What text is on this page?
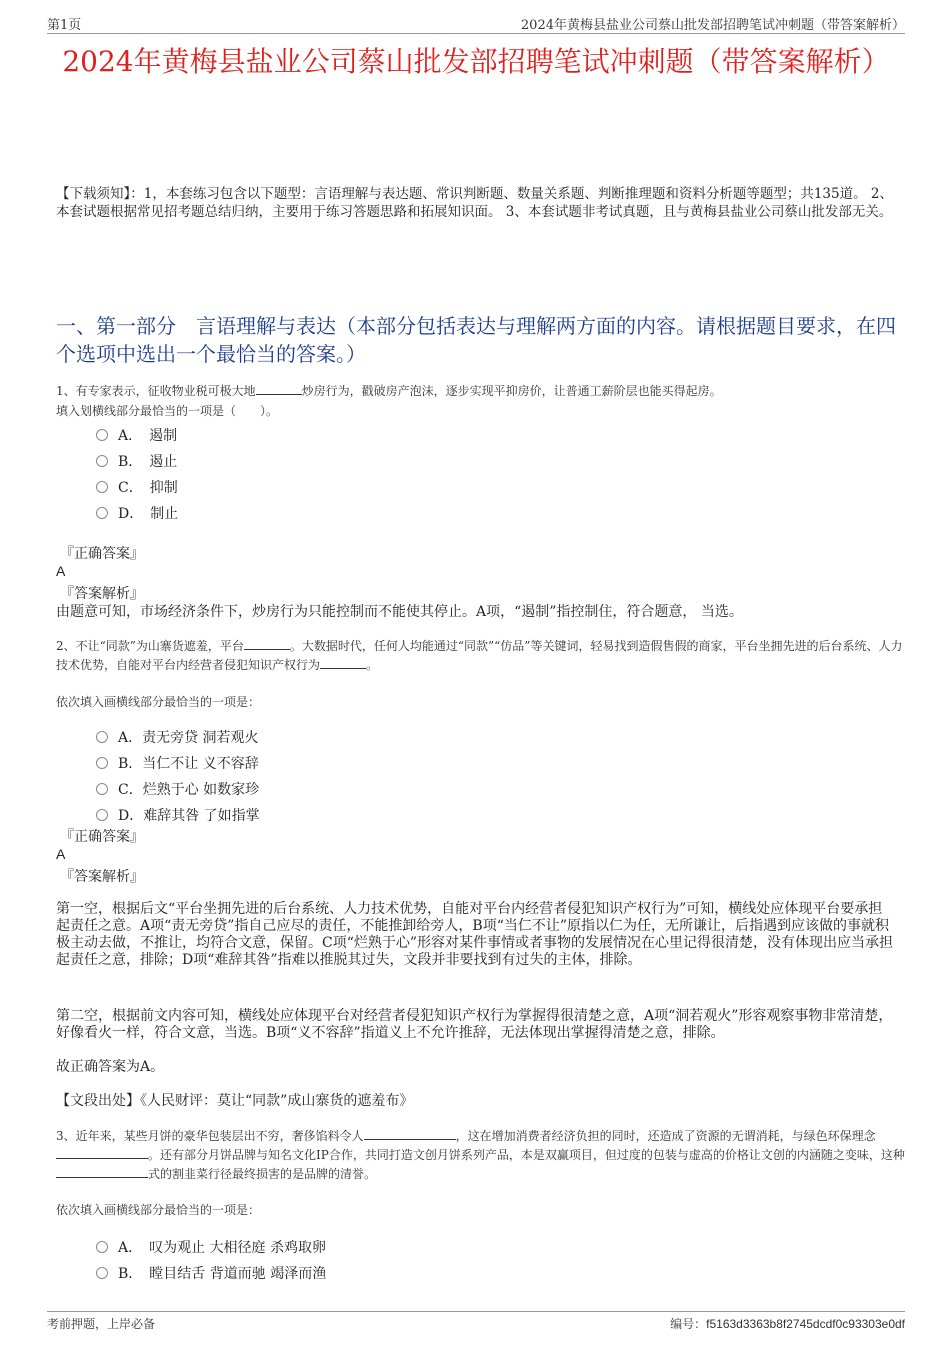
第1页	2024年黄梅县盐业公司蔡山批发部招聘笔试冲刺题（带答案解析）
2024年黄梅县盐业公司蔡山批发部招聘笔试冲刺题（带答案解析）
【下载须知】：1，本套练习包含以下题型：言语理解与表达题、常识判断题、数量关系题、判断推理题和资料分析题等题型；共135道。 2、本套试题根据常见招考题总结归纳，主要用于练习答题思路和拓展知识面。 3、本套试题非考试真题，且与黄梅县盐业公司蔡山批发部无关。
一、第一部分　言语理解与表达（本部分包括表达与理解两方面的内容。请根据题目要求，在四个选项中选出一个最恰当的答案。）
1、有专家表示，征收物业税可极大地	炒房行为，戳破房产泡沫，逐步实现平抑房价，让普通工薪阶层也能买得起房。
填入划横线部分最恰当的一项是（　　）。
A．　遏制
B．　遏止
C．　抑制
D．　制止
『正确答案』
A
『答案解析』
由题意可知，市场经济条件下，炒房行为只能控制而不能使其停止。A项，“遏制”指控制住，符合题意， 当选。
2、不让“同款”为山寨货遮羞，平台	。大数据时代，任何人均能通过“同款”“仿品”等关键词，轻易找到造假售假的商家，平台坐拥先进的后台系统、人力技术优势，自能对平台内经营者侵犯知识产权行为	。
依次填入画横线部分最恰当的一项是：
A．责无旁贷 洞若观火
B．当仁不让 义不容辞
C．烂熟于心 如数家珍
D．难辞其咎 了如指掌
『正确答案』
A
『答案解析』
第一空，根据后文“平台坐拥先进的后台系统、人力技术优势，自能对平台内经营者侵犯知识产权行为”可知，横线处应体现平台要承担起责任之意。A项“责无旁贷”指自己应尽的责任，不能推卸给旁人，B项“当仁不让”原指以仁为任，无所谦让，后指遇到应该做的事就积极主动去做，不推让，均符合文意，保留。C项“烂熟于心”形容对某件事情或者事物的发展情况在心里记得很清楚，没有体现出应当承担起责任之意，排除；D项“难辞其咎”指难以推脱其过失，文段并非要找到有过失的主体，排除。
第二空，根据前文内容可知，横线处应体现平台对经营者侵犯知识产权行为掌握得很清楚之意，A项“洞若观火”形容观察事物非常清楚，好像看火一样，符合文意，当选。B项“义不容辞”指道义上不允许推辞，无法体现出掌握得清楚之意，排除。
故正确答案为A。
【文段出处】《人民财评：莫让“同款”成山寨货的遮羞布》
3、近年来，某些月饼的豪华包装层出不穷，奢侈馅料令人	，这在增加消费者经济负担的同时，还造成了资源的无谓消耗，与绿色环保理念。还有部分月饼品牌与知名文化IP合作，共同打造文创月饼系列产品，本是双赢项目，但过度的包装与虚高的价格让文创的内涵随之变味，这种式的割韭菜行径最终损害的是品牌的清誉。
依次填入画横线部分最恰当的一项是：
A．　叹为观止 大相径庭 杀鸡取卵
B．　瞠目结舌 背道而驰 竭泽而渔
考前押题，上岸必备	编号：f5163d3363b8f2745dcdf0c93303e0df
